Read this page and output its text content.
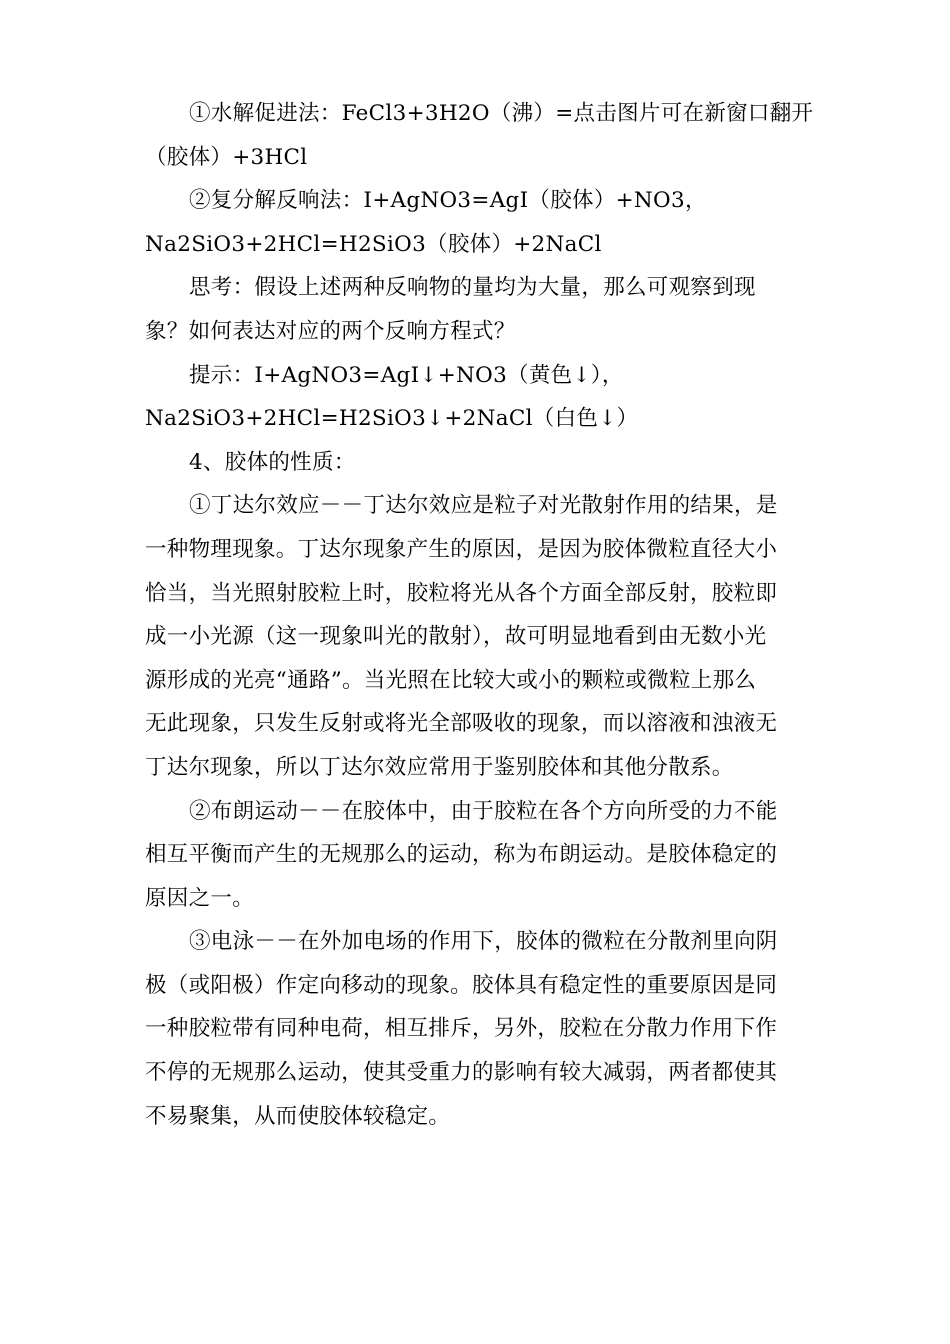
①水解促进法：FeCl3+3H2O（沸）=点击图片可在新窗口翻开
（胶体）+3HCl

②复分解反响法：I+AgNO3=AgI（胶体）+NO3，
Na2SiO3+2HCl=H2SiO3（胶体）+2NaCl

思考：假设上述两种反响物的量均为大量，那么可观察到现
象？如何表达对应的两个反响方程式？

提示：I+AgNO3=AgI↓+NO3（黄色↓），
Na2SiO3+2HCl=H2SiO3↓+2NaCl（白色↓）

4、胶体的性质：

①丁达尔效应－－丁达尔效应是粒子对光散射作用的结果，是
一种物理现象。丁达尔现象产生的原因，是因为胶体微粒直径大小
恰当，当光照射胶粒上时，胶粒将光从各个方面全部反射，胶粒即
成一小光源（这一现象叫光的散射），故可明显地看到由无数小光
源形成的光亮“通路”。当光照在比较大或小的颗粒或微粒上那么
无此现象，只发生反射或将光全部吸收的现象，而以溶液和浊液无
丁达尔现象，所以丁达尔效应常用于鉴别胶体和其他分散系。

②布朗运动－－在胶体中，由于胶粒在各个方向所受的力不能
相互平衡而产生的无规那么的运动，称为布朗运动。是胶体稳定的
原因之一。

③电泳－－在外加电场的作用下，胶体的微粒在分散剂里向阴
极（或阳极）作定向移动的现象。胶体具有稳定性的重要原因是同
一种胶粒带有同种电荷，相互排斥，另外，胶粒在分散力作用下作
不停的无规那么运动，使其受重力的影响有较大减弱，两者都使其
不易聚集，从而使胶体较稳定。
